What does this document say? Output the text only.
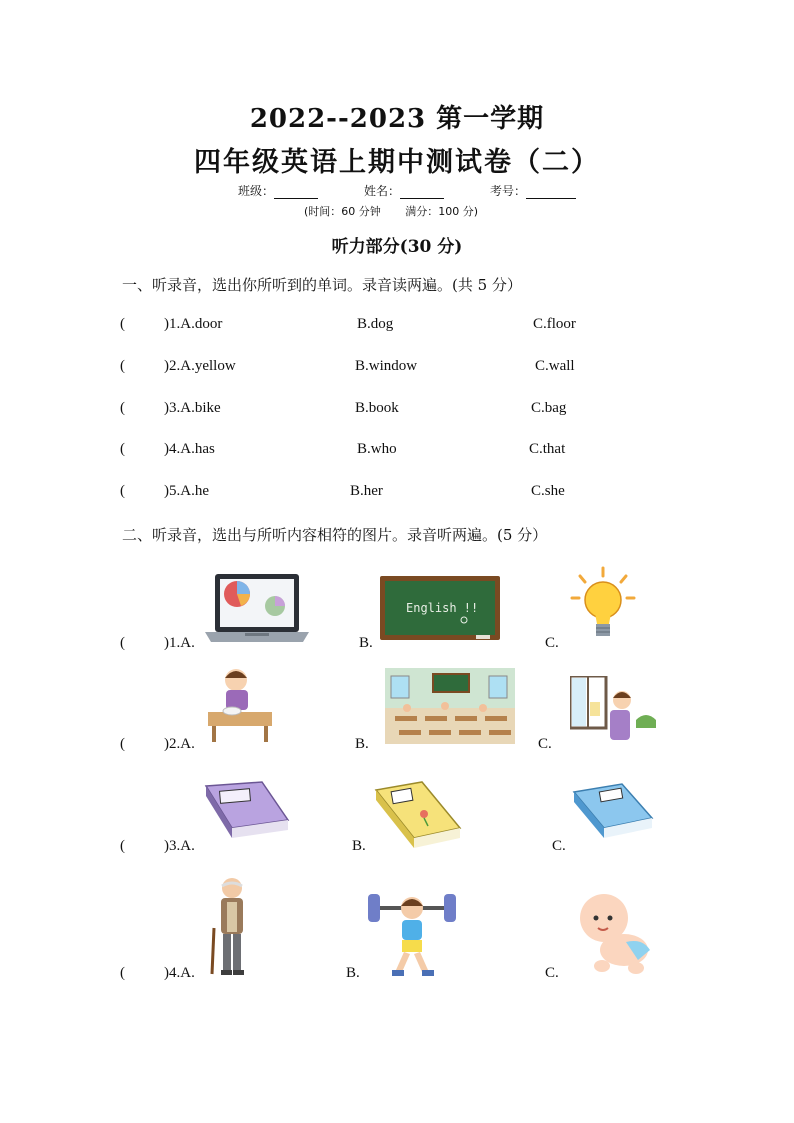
2022--2023 第一学期
四年级英语上期中测试卷（二）
班级：	姓名：	考号：
(时间：60 分钟 满分：100 分)
听力部分(30 分)
一、听录音，选出你所听到的单词。录音读两遍。(共 5 分）
(	)1.A.door	B.dog	C.floor
(	)2.A.yellow	B.window	C.wall
(	)3.A.bike	B.book	C.bag
(	)4.A.has	B.who	C.that
(	)5.A.he	B.her	C.she
二、听录音，选出与所听内容相符的图片。录音听两遍。(5 分）
(	)1.A.	B.	C.
English !!
(	)2.A.	B.	C.
(	)3.A.	B.	C.
(	)4.A.	B.	C.
